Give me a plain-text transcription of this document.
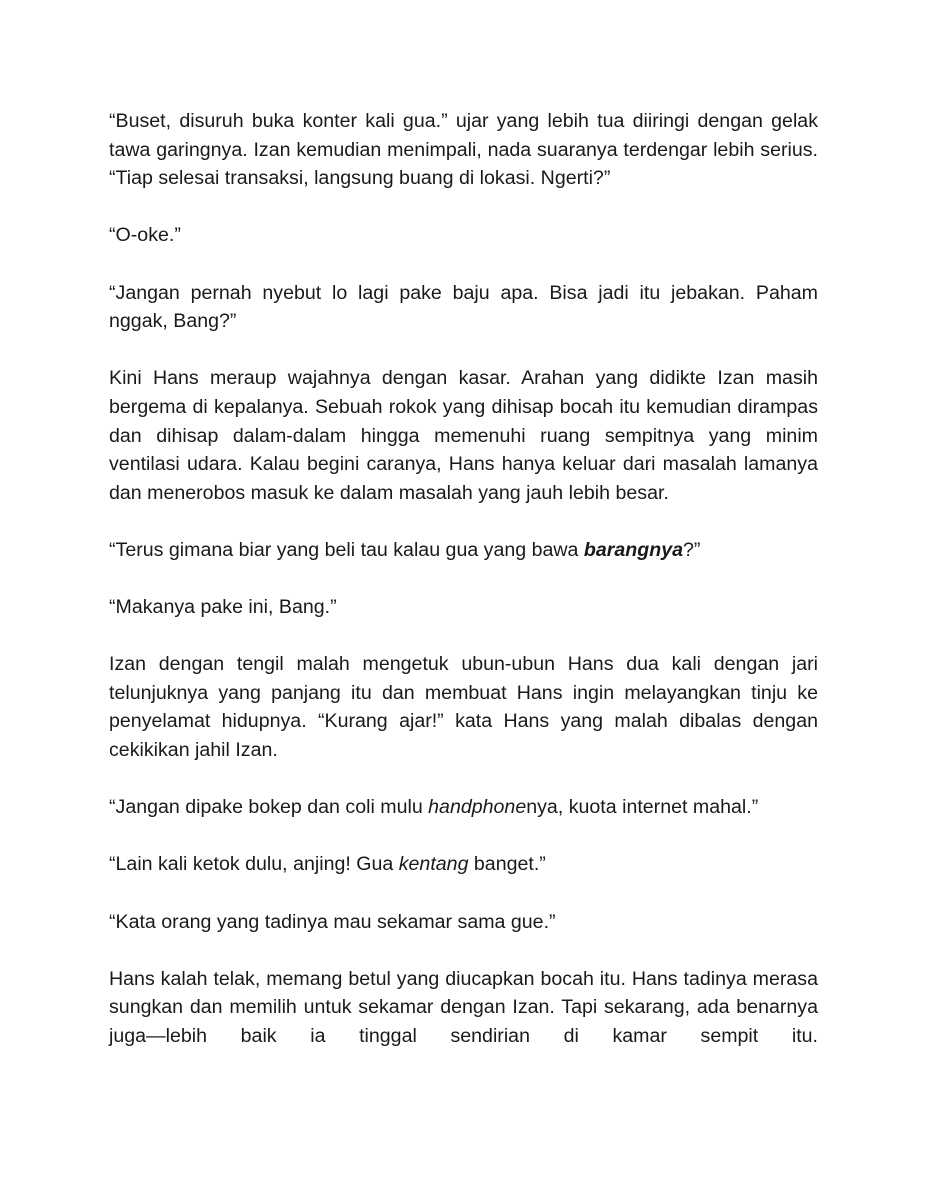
“Buset, disuruh buka konter kali gua.” ujar yang lebih tua diiringi dengan gelak tawa garingnya. Izan kemudian menimpali, nada suaranya terdengar lebih serius. “Tiap selesai transaksi, langsung buang di lokasi. Ngerti?”

“O-oke.”

“Jangan pernah nyebut lo lagi pake baju apa. Bisa jadi itu jebakan. Paham nggak, Bang?”

Kini Hans meraup wajahnya dengan kasar. Arahan yang didikte Izan masih bergema di kepalanya. Sebuah rokok yang dihisap bocah itu kemudian dirampas dan dihisap dalam-dalam hingga memenuhi ruang sempitnya yang minim ventilasi udara. Kalau begini caranya, Hans hanya keluar dari masalah lamanya dan menerobos masuk ke dalam masalah yang jauh lebih besar.

“Terus gimana biar yang beli tau kalau gua yang bawa barangnya?”

“Makanya pake ini, Bang.”

Izan dengan tengil malah mengetuk ubun-ubun Hans dua kali dengan jari telunjuknya yang panjang itu dan membuat Hans ingin melayangkan tinju ke penyelamat hidupnya. “Kurang ajar!” kata Hans yang malah dibalas dengan cekikikan jahil Izan.

“Jangan dipake bokep dan coli mulu handphonenya, kuota internet mahal.”

“Lain kali ketok dulu, anjing! Gua kentang banget.”

“Kata orang yang tadinya mau sekamar sama gue.”

Hans kalah telak, memang betul yang diucapkan bocah itu. Hans tadinya merasa sungkan dan memilih untuk sekamar dengan Izan. Tapi sekarang, ada benarnya juga—lebih baik ia tinggal sendirian di kamar sempit itu.
